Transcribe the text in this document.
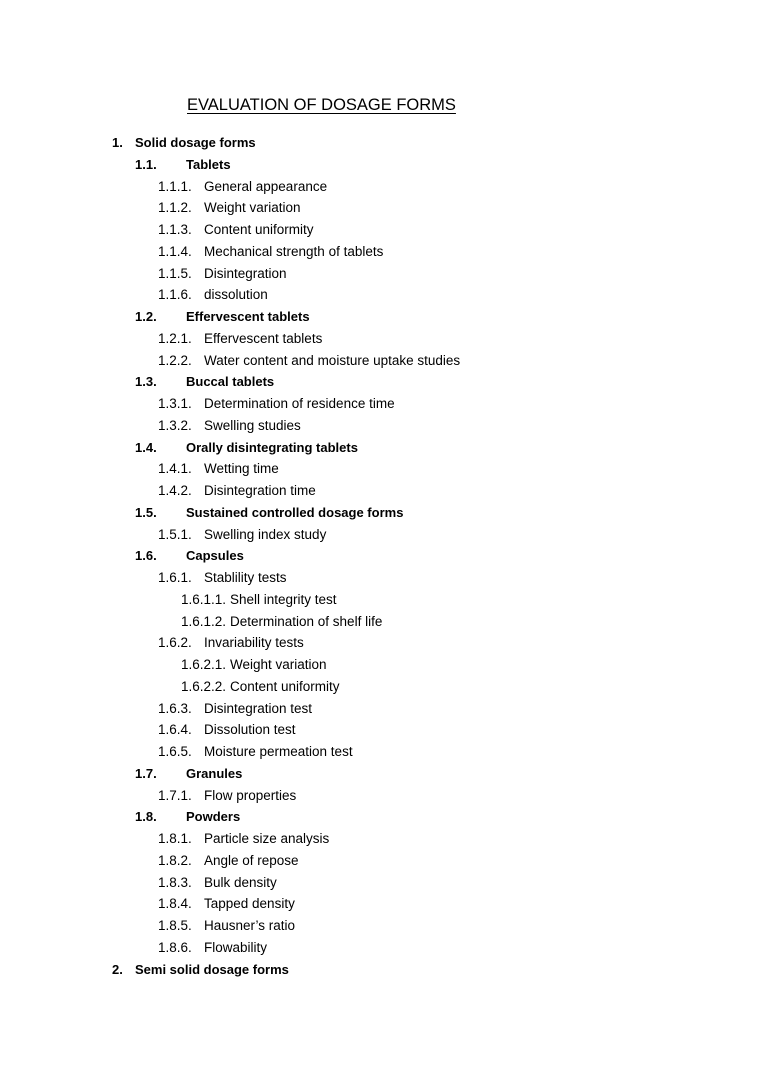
EVALUATION OF DOSAGE FORMS
1. Solid dosage forms
1.1. Tablets
1.1.1. General appearance
1.1.2. Weight variation
1.1.3. Content uniformity
1.1.4. Mechanical strength of tablets
1.1.5. Disintegration
1.1.6. dissolution
1.2. Effervescent tablets
1.2.1. Effervescent tablets
1.2.2. Water content and moisture uptake studies
1.3. Buccal tablets
1.3.1. Determination of residence time
1.3.2. Swelling studies
1.4. Orally disintegrating tablets
1.4.1. Wetting time
1.4.2. Disintegration time
1.5. Sustained controlled dosage forms
1.5.1. Swelling index study
1.6. Capsules
1.6.1. Stablility tests
1.6.1.1. Shell integrity test
1.6.1.2. Determination of shelf life
1.6.2. Invariability tests
1.6.2.1. Weight variation
1.6.2.2. Content uniformity
1.6.3. Disintegration test
1.6.4. Dissolution test
1.6.5. Moisture permeation test
1.7. Granules
1.7.1. Flow properties
1.8. Powders
1.8.1. Particle size analysis
1.8.2. Angle of repose
1.8.3. Bulk density
1.8.4. Tapped density
1.8.5. Hausner’s ratio
1.8.6. Flowability
2. Semi solid dosage forms
